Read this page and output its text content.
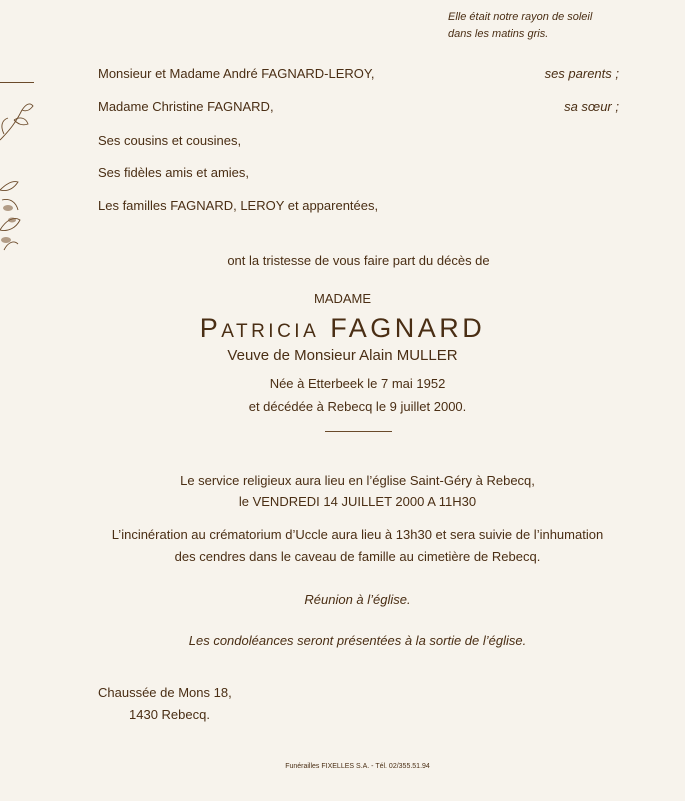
Elle était notre rayon de soleil
dans les matins gris.
Monsieur et Madame André FAGNARD-LEROY,	ses parents ;
Madame Christine FAGNARD,	sa sœur ;
Ses cousins et cousines,
Ses fidèles amis et amies,
Les familles FAGNARD, LEROY et apparentées,
ont la tristesse de vous faire part du décès de
MADAME
Patricia FAGNARD
Veuve de Monsieur Alain MULLER
Née à Etterbeek le 7 mai 1952
et décédée à Rebecq le 9 juillet 2000.
Le service religieux aura lieu en l’église Saint-Géry à Rebecq,
le VENDREDI 14 JUILLET 2000 A 11H30
L’incinération au crématorium d’Uccle aura lieu à 13h30 et sera suivie de l’inhumation
des cendres dans le caveau de famille au cimetière de Rebecq.
Réunion à l’église.
Les condoléances seront présentées à la sortie de l’église.
Chaussée de Mons 18,
1430 Rebecq.
Funérailles FIXELLES S.A. - Tél. 02/355.51.94
